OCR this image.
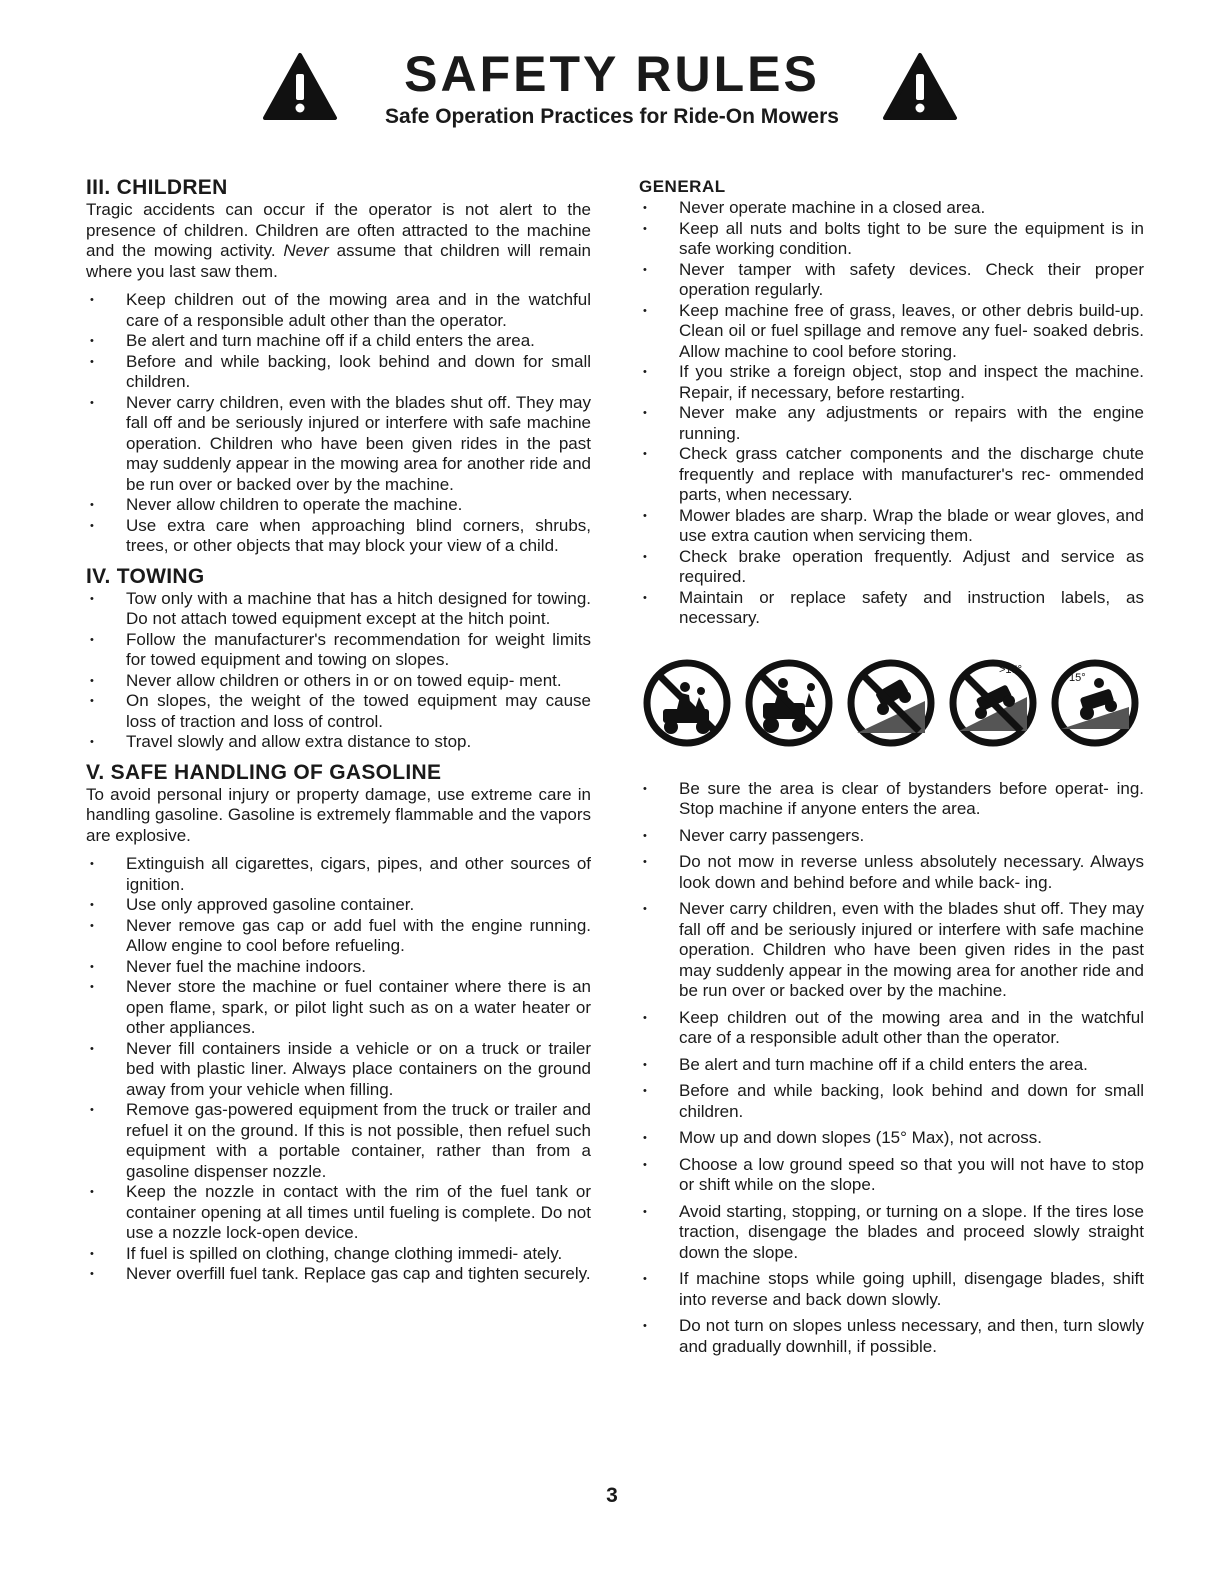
SAFETY RULES
Safe Operation Practices for Ride-On Mowers
III. CHILDREN

Tragic accidents can occur if the operator is not alert to the presence of children. Children are often attracted to the machine and the mowing activity. Never assume that children will remain where you last saw them.

• Keep children out of the mowing area and in the watchful care of a responsible adult other than the operator.
• Be alert and turn machine off if a child enters the area.
• Before and while backing, look behind and down for small children.
• Never carry children, even with the blades shut off. They may fall off and be seriously injured or interfere with safe machine operation. Children who have been given rides in the past may suddenly appear in the mowing area for another ride and be run over or backed over by the machine.
• Never allow children to operate the machine.
• Use extra care when approaching blind corners, shrubs, trees, or other objects that may block your view of a child.
IV. TOWING
• Tow only with a machine that has a hitch designed for towing. Do not attach towed equipment except at the hitch point.
• Follow the manufacturer's recommendation for weight limits for towed equipment and towing on slopes.
• Never allow children or others in or on towed equip- ment.
• On slopes, the weight of the towed equipment may cause loss of traction and loss of control.
• Travel slowly and allow extra distance to stop.
V. SAFE HANDLING OF GASOLINE

To avoid personal injury or property damage, use extreme care in handling gasoline. Gasoline is extremely flammable and the vapors are explosive.

• Extinguish all cigarettes, cigars, pipes, and other sources of ignition.
• Use only approved gasoline container.
• Never remove gas cap or add fuel with the engine running. Allow engine to cool before refueling.
• Never fuel the machine indoors.
• Never store the machine or fuel container where there is an open flame, spark, or pilot light such as on a water heater or other appliances.
• Never fill containers inside a vehicle or on a truck or trailer bed with plastic liner. Always place containers on the ground away from your vehicle when filling.
• Remove gas-powered equipment from the truck or trailer and refuel it on the ground. If this is not possible, then refuel such equipment with a portable container, rather than from a gasoline dispenser nozzle.
• Keep the nozzle in contact with the rim of the fuel tank or container opening at all times until fueling is complete. Do not use a nozzle lock-open device.
• If fuel is spilled on clothing, change clothing immedi- ately.
• Never overfill fuel tank. Replace gas cap and tighten securely.
GENERAL
• Never operate machine in a closed area.
• Keep all nuts and bolts tight to be sure the equipment is in safe working condition.
• Never tamper with safety devices. Check their proper operation regularly.
• Keep machine free of grass, leaves, or other debris build-up. Clean oil or fuel spillage and remove any fuel- soaked debris. Allow machine to cool before storing.
• If you strike a foreign object, stop and inspect the machine. Repair, if necessary, before restarting.
• Never make any adjustments or repairs with the engine running.
• Check grass catcher components and the discharge chute frequently and replace with manufacturer's rec- ommended parts, when necessary.
• Mower blades are sharp. Wrap the blade or wear gloves, and use extra caution when servicing them.
• Check brake operation frequently. Adjust and service as required.
• Maintain or replace safety and instruction labels, as necessary.
>15°
15°
• Be sure the area is clear of bystanders before operat- ing. Stop machine if anyone enters the area.
• Never carry passengers.
• Do not mow in reverse unless absolutely necessary. Always look down and behind before and while back- ing.
• Never carry children, even with the blades shut off. They may fall off and be seriously injured or interfere with safe machine operation. Children who have been given rides in the past may suddenly appear in the mowing area for another ride and be run over or backed over by the machine.
• Keep children out of the mowing area and in the watchful care of a responsible adult other than the operator.
• Be alert and turn machine off if a child enters the area.
• Before and while backing, look behind and down for small children.
• Mow up and down slopes (15° Max), not across.
• Choose a low ground speed so that you will not have to stop or shift while on the slope.
• Avoid starting, stopping, or turning on a slope. If the tires lose traction, disengage the blades and proceed slowly straight down the slope.
• If machine stops while going uphill, disengage blades, shift into reverse and back down slowly.
• Do not turn on slopes unless necessary, and then, turn slowly and gradually downhill, if possible.
3
